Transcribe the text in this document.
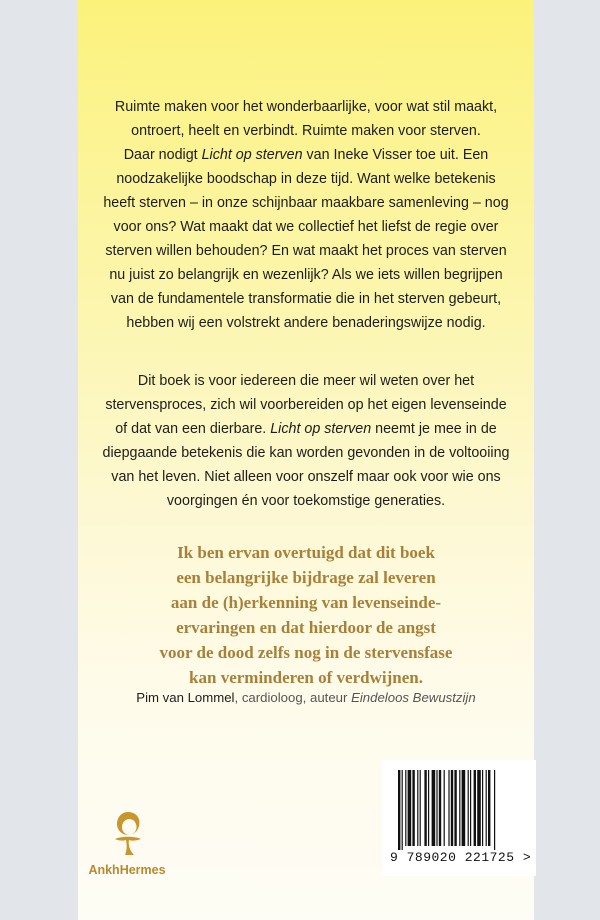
Ruimte maken voor het wonderbaarlijke, voor wat stil maakt,
ontroert, heelt en verbindt. Ruimte maken voor sterven.
Daar nodigt Licht op sterven van Ineke Visser toe uit. Een
noodzakelijke boodschap in deze tijd. Want welke betekenis
heeft sterven – in onze schijnbaar maakbare samenleving – nog
voor ons? Wat maakt dat we collectief het liefst de regie over
sterven willen behouden? En wat maakt het proces van sterven
nu juist zo belangrijk en wezenlijk? Als we iets willen begrijpen
van de fundamentele transformatie die in het sterven gebeurt,
hebben wij een volstrekt andere benaderingswijze nodig.
Dit boek is voor iedereen die meer wil weten over het
stervensproces, zich wil voorbereiden op het eigen levenseinde
of dat van een dierbare. Licht op sterven neemt je mee in de
diepgaande betekenis die kan worden gevonden in de voltooiing
van het leven. Niet alleen voor onszelf maar ook voor wie ons
voorgingen én voor toekomstige generaties.
Ik ben ervan overtuigd dat dit boek
een belangrijke bijdrage zal leveren
aan de (h)erkenning van levenseinde-
ervaringen en dat hierdoor de angst
voor de dood zelfs nog in de stervensfase
kan verminderen of verdwijnen.
Pim van Lommel, cardioloog, auteur Eindeloos Bewustzijn
AnkhHermes
9 789020 221725 >
